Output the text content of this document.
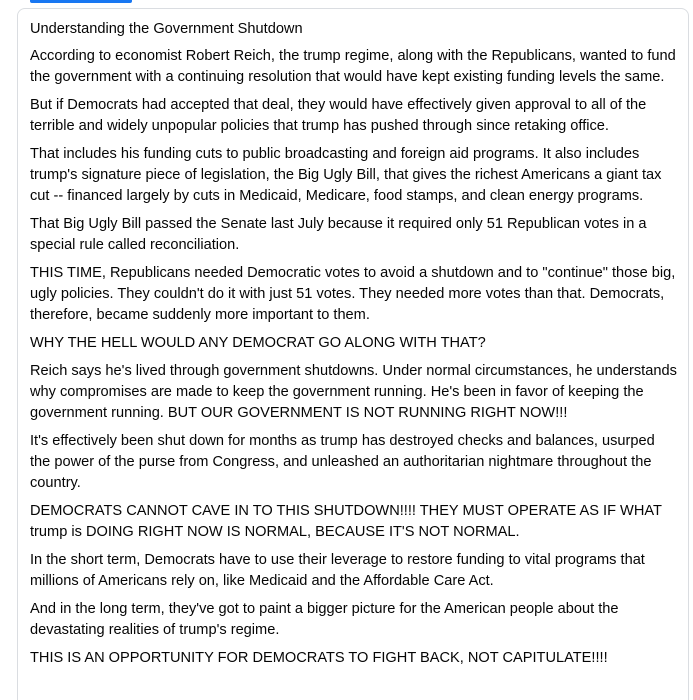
Understanding the Government Shutdown

According to economist Robert Reich, the trump regime, along with the Republicans, wanted to fund the government with a continuing resolution that would have kept existing funding levels the same.

But if Democrats had accepted that deal, they would have effectively given approval to all of the terrible and widely unpopular policies that trump has pushed through since retaking office.

That includes his funding cuts to public broadcasting and foreign aid programs. It also includes trump's signature piece of legislation, the Big Ugly Bill, that gives the richest Americans a giant tax cut -- financed largely by cuts in Medicaid, Medicare, food stamps, and clean energy programs.

That Big Ugly Bill passed the Senate last July because it required only 51 Republican votes in a special rule called reconciliation.

THIS TIME, Republicans needed Democratic votes to avoid a shutdown and to "continue" those big, ugly policies. They couldn't do it with just 51 votes. They needed more votes than that. Democrats, therefore, became suddenly more important to them.

WHY THE HELL WOULD ANY DEMOCRAT GO ALONG WITH THAT?

Reich says he's lived through government shutdowns. Under normal circumstances, he understands why compromises are made to keep the government running. He's been in favor of keeping the government running. BUT OUR GOVERNMENT IS NOT RUNNING RIGHT NOW!!!

It's effectively been shut down for months as trump has destroyed checks and balances, usurped the power of the purse from Congress, and unleashed an authoritarian nightmare throughout the country.

DEMOCRATS CANNOT CAVE IN TO THIS SHUTDOWN!!!! THEY MUST OPERATE AS IF WHAT trump is DOING RIGHT NOW IS NORMAL, BECAUSE IT'S NOT NORMAL.

In the short term, Democrats have to use their leverage to restore funding to vital programs that millions of Americans rely on, like Medicaid and the Affordable Care Act.

And in the long term, they've got to paint a bigger picture for the American people about the devastating realities of trump's regime.

THIS IS AN OPPORTUNITY FOR DEMOCRATS TO FIGHT BACK, NOT CAPITULATE!!!!
